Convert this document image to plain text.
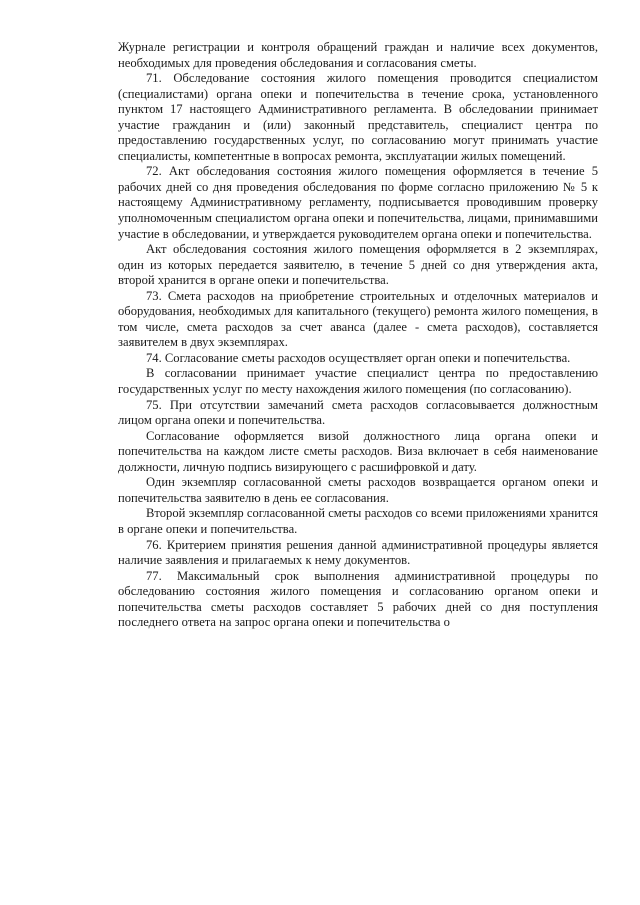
Журнале регистрации и контроля обращений граждан и наличие всех документов, необходимых для проведения обследования и согласования сметы.

71. Обследование состояния жилого помещения проводится специалистом (специалистами) органа опеки и попечительства в течение срока, установленного пунктом 17 настоящего Административного регламента. В обследовании принимает участие гражданин и (или) законный представитель, специалист центра по предоставлению государственных услуг, по согласованию могут принимать участие специалисты, компетентные в вопросах ремонта, эксплуатации жилых помещений.

72. Акт обследования состояния жилого помещения оформляется в течение 5 рабочих дней со дня проведения обследования по форме согласно приложению № 5 к настоящему Административному регламенту, подписывается проводившим проверку уполномоченным специалистом органа опеки и попечительства, лицами, принимавшими участие в обследовании, и утверждается руководителем органа опеки и попечительства.

Акт обследования состояния жилого помещения оформляется в 2 экземплярах, один из которых передается заявителю, в течение 5 дней со дня утверждения акта, второй хранится в органе опеки и попечительства.

73. Смета расходов на приобретение строительных и отделочных материалов и оборудования, необходимых для капитального (текущего) ремонта жилого помещения, в том числе, смета расходов за счет аванса (далее - смета расходов), составляется заявителем в двух экземплярах.

74. Согласование сметы расходов осуществляет орган опеки и попечительства.

В согласовании принимает участие специалист центра по предоставлению государственных услуг по месту нахождения жилого помещения (по согласованию).

75. При отсутствии замечаний смета расходов согласовывается должностным лицом органа опеки и попечительства.

Согласование оформляется визой должностного лица органа опеки и попечительства на каждом листе сметы расходов. Виза включает в себя наименование должности, личную подпись визирующего с расшифровкой и дату.

Один экземпляр согласованной сметы расходов возвращается органом опеки и попечительства заявителю в день ее согласования.

Второй экземпляр согласованной сметы расходов со всеми приложениями хранится в органе опеки и попечительства.

76. Критерием принятия решения данной административной процедуры является наличие заявления и прилагаемых к нему документов.

77. Максимальный срок выполнения административной процедуры по обследованию состояния жилого помещения и согласованию органом опеки и попечительства сметы расходов составляет 5 рабочих дней со дня поступления последнего ответа на запрос органа опеки и попечительства о
